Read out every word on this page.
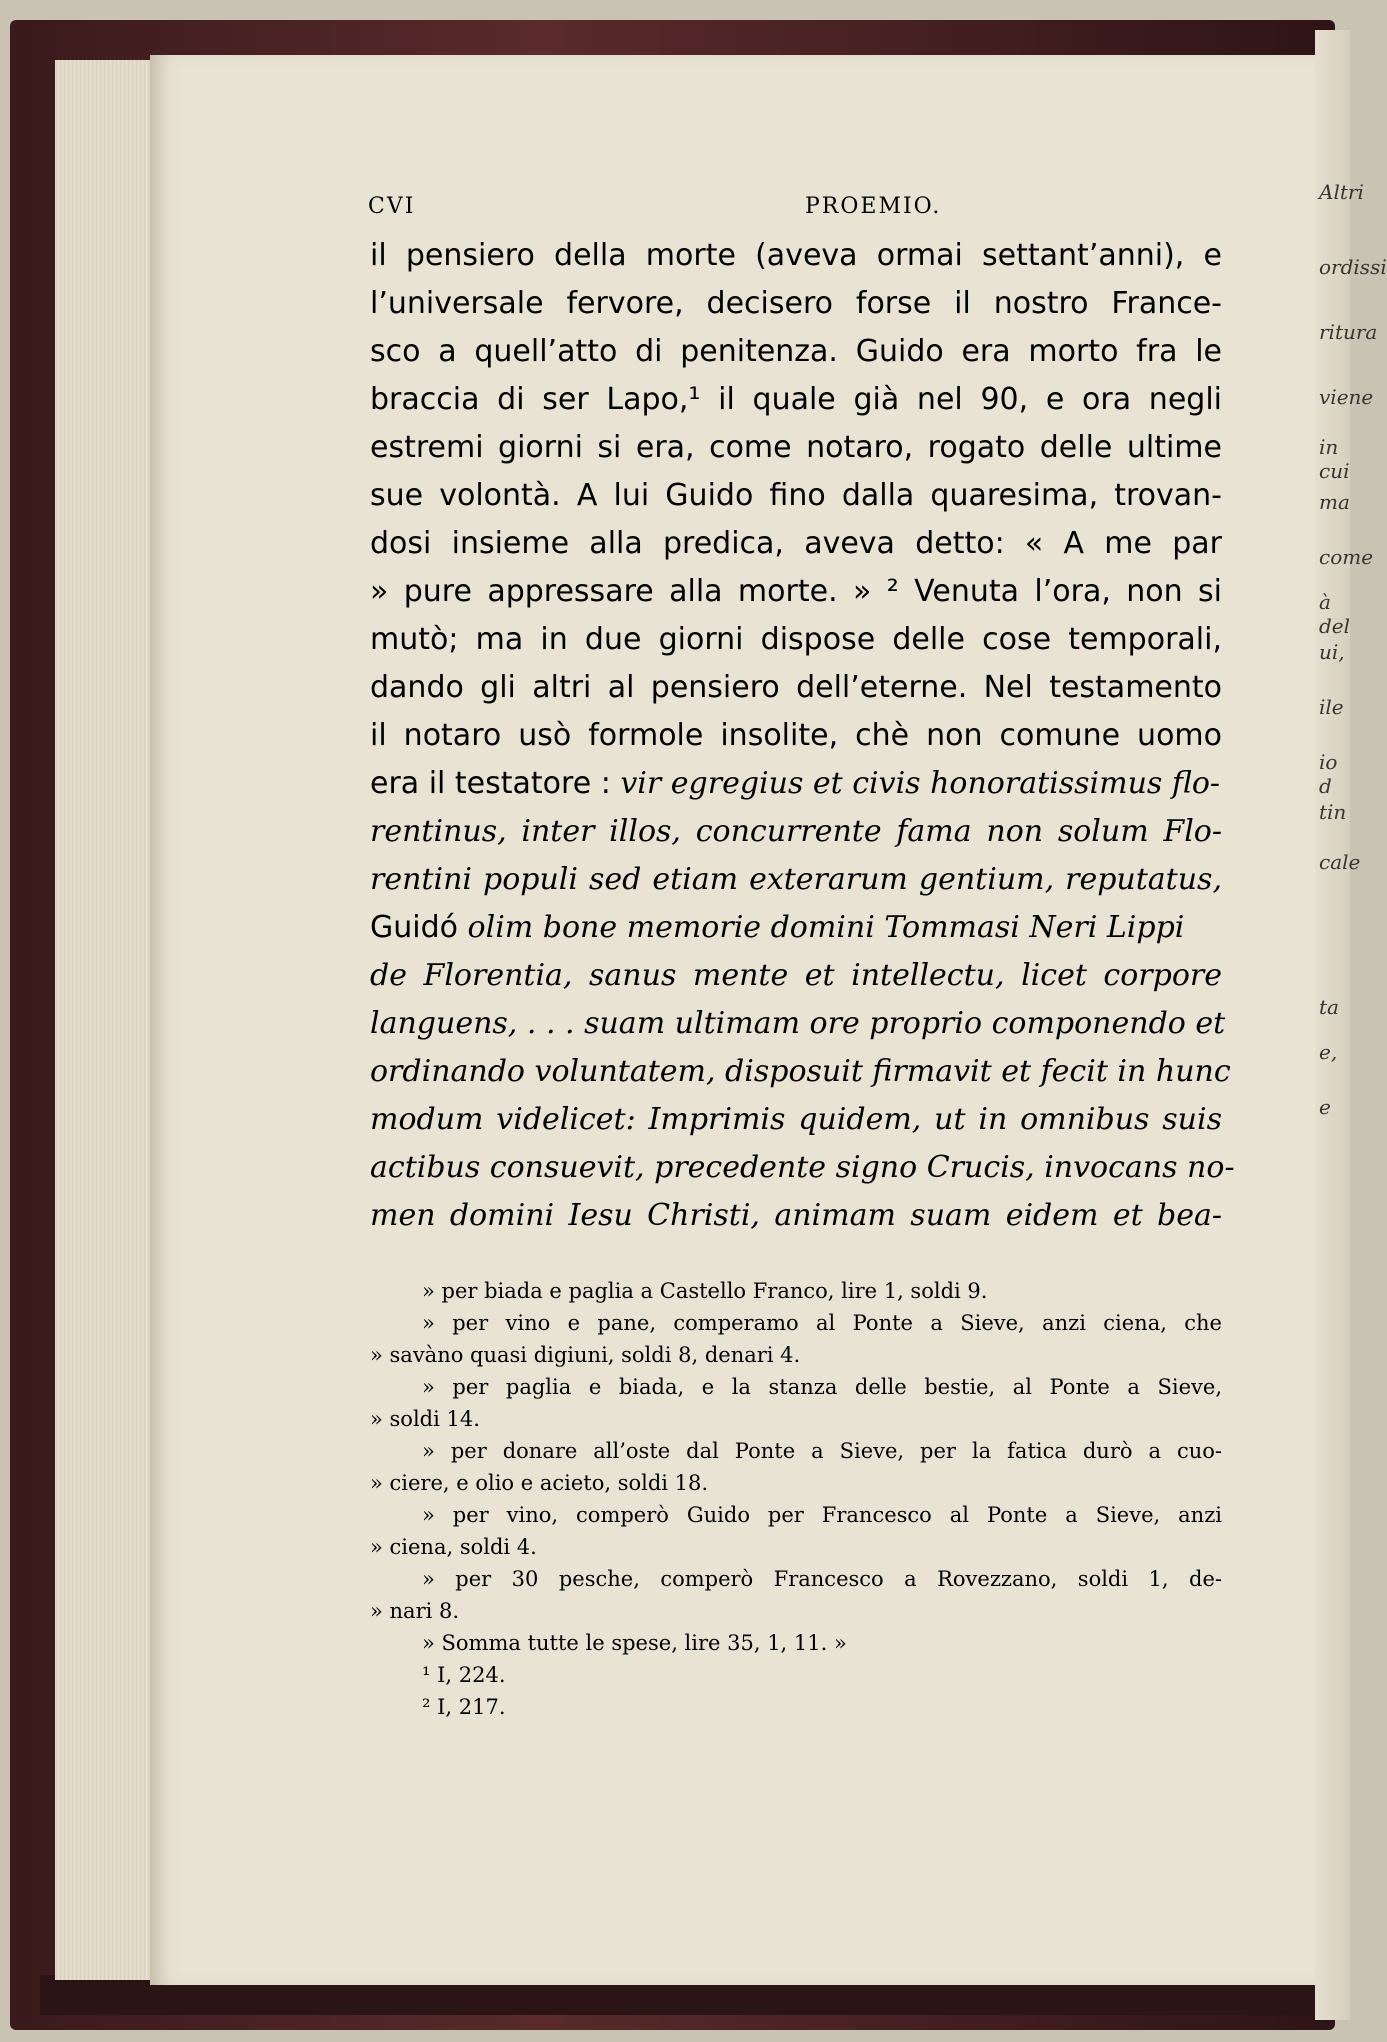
Altri
ordissi
ritura
viene
in cui
ma
come
à del
ui,
ile
io d
tin
cale
ta
e,
e
CVI	PROEMIO.
il pensiero della morte (aveva ormai settant’anni), e
l’universale fervore, decisero forse il nostro France-
sco a quell’atto di penitenza. Guido era morto fra le
braccia di ser Lapo,¹ il quale già nel 90, e ora negli
estremi giorni si era, come notaro, rogato delle ultime
sue volontà. A lui Guido fino dalla quaresima, trovan-
dosi insieme alla predica, aveva detto: « A me par
» pure appressare alla morte. » ² Venuta l’ora, non si
mutò; ma in due giorni dispose delle cose temporali,
dando gli altri al pensiero dell’eterne. Nel testamento
il notaro usò formole insolite, chè non comune uomo
era il testatore : vir egregius et civis honoratissimus flo-
rentinus, inter illos, concurrente fama non solum Flo-
rentini populi sed etiam exterarum gentium, reputatus,
Guidó olim bone memorie domini Tommasi Neri Lippi
de Florentia, sanus mente et intellectu, licet corpore
languens, . . . suam ultimam ore proprio componendo et
ordinando voluntatem, disposuit firmavit et fecit in hunc
modum videlicet: Imprimis quidem, ut in omnibus suis
actibus consuevit, precedente signo Crucis, invocans no-
men domini Iesu Christi, animam suam eidem et bea-
» per biada e paglia a Castello Franco, lire 1, soldi 9.
» per vino e pane, comperamo al Ponte a Sieve, anzi ciena, che
» savàno quasi digiuni, soldi 8, denari 4.
» per paglia e biada, e la stanza delle bestie, al Ponte a Sieve,
» soldi 14.
» per donare all’oste dal Ponte a Sieve, per la fatica durò a cuo-
» ciere, e olio e acieto, soldi 18.
» per vino, comperò Guido per Francesco al Ponte a Sieve, anzi
» ciena, soldi 4.
» per 30 pesche, comperò Francesco a Rovezzano, soldi 1, de-
» nari 8.
» Somma tutte le spese, lire 35, 1, 11. »
¹ I, 224.
² I, 217.
